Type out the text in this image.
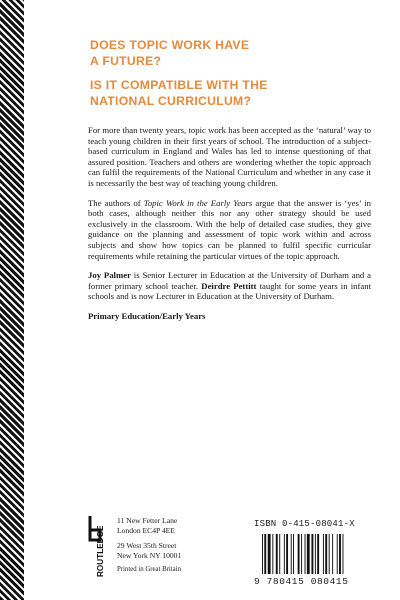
DOES TOPIC WORK HAVE
A FUTURE?
IS IT COMPATIBLE WITH THE
NATIONAL CURRICULUM?

For more than twenty years, topic work has been accepted as the ‘natural’ way to teach young children in their first years of school. The introduction of a subject-based curriculum in England and Wales has led to intense questioning of that assured position. Teachers and others are wondering whether the topic approach can fulfil the requirements of the National Curriculum and whether in any case it is necessarily the best way of teaching young children.

The authors of Topic Work in the Early Years argue that the answer is ‘yes’ in both cases, although neither this nor any other strategy should be used exclusively in the classroom. With the help of detailed case studies, they give guidance on the planning and assessment of topic work within and across subjects and show how topics can be planned to fulfil specific curricular requirements while retaining the particular virtues of the topic approach.

Joy Palmer is Senior Lecturer in Education at the University of Durham and a former primary school teacher. Deirdre Pettitt taught for some years in infant schools and is now Lecturer in Education at the University of Durham.

Primary Education/Early Years

ROUTLEDGE
11 New Fetter Lane
London EC4P 4EE
29 West 35th Street
New York NY 10001
Printed in Great Britain
ISBN 0-415-08041-X
9 780415 080415
